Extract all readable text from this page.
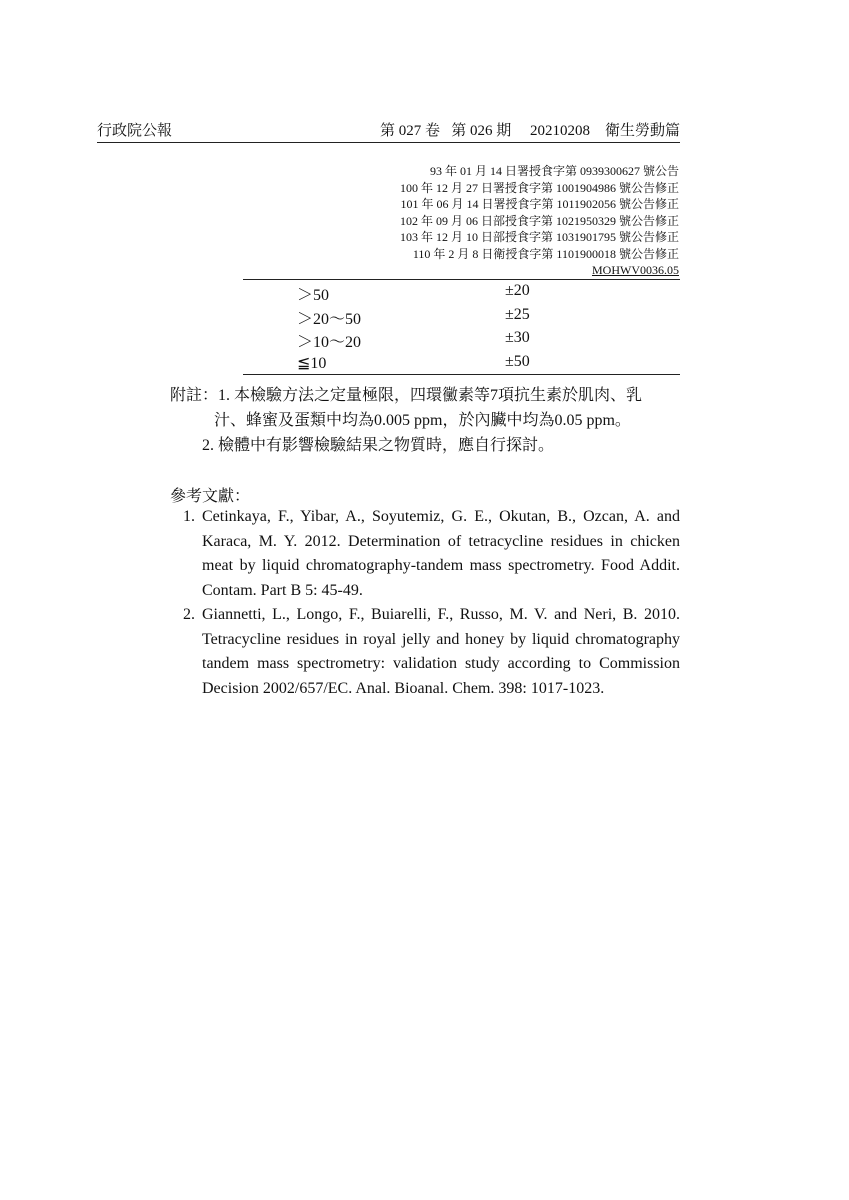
行政院公報	第 027 卷   第 026 期     20210208    衛生勞動篇
93 年 01 月 14 日署授食字第 0939300627 號公告
100 年 12 月 27 日署授食字第 1001904986 號公告修正
101 年 06 月 14 日署授食字第 1011902056 號公告修正
102 年 09 月 06 日部授食字第 1021950329 號公告修正
103 年 12 月 10 日部授食字第 1031901795 號公告修正
110 年 2 月 8 日衛授食字第 1101900018 號公告修正
MOHWV0036.05
＞50	±20
＞20～50	±25
＞10～20	±30
≦10	±50
附註：1. 本檢驗方法之定量極限，四環黴素等7項抗生素於肌肉、乳
汁、蜂蜜及蛋類中均為0.005 ppm，於內臟中均為0.05 ppm。
2. 檢體中有影響檢驗結果之物質時，應自行探討。
參考文獻：
1. Cetinkaya, F., Yibar, A., Soyutemiz, G. E., Okutan, B., Ozcan, A. and Karaca, M. Y. 2012. Determination of tetracycline residues in chicken meat by liquid chromatography-tandem mass spectrometry. Food Addit. Contam. Part B 5: 45-49.
2. Giannetti, L., Longo, F., Buiarelli, F., Russo, M. V. and Neri, B. 2010. Tetracycline residues in royal jelly and honey by liquid chromatography tandem mass spectrometry: validation study according to Commission Decision 2002/657/EC. Anal. Bioanal. Chem. 398: 1017-1023.
